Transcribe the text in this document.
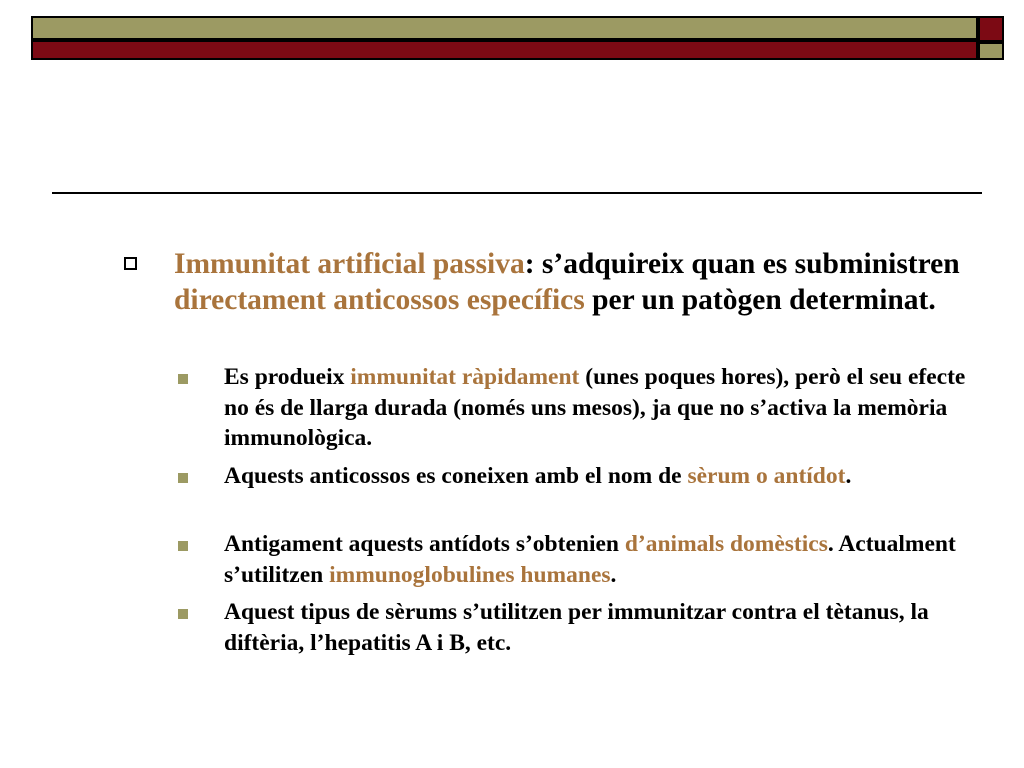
Immunitat artificial passiva: s’adquireix quan es subministren directament anticossos específics per un patògen determinat.
Es produeix immunitat ràpidament (unes poques hores), però el seu efecte no és de llarga durada (només uns mesos), ja que no s’activa la memòria immunològica.
Aquests anticossos es coneixen amb el nom de sèrum o antídot.
Antigament aquests antídots s’obtenien d’animals domèstics. Actualment s’utilitzen immunoglobulines humanes.
Aquest tipus de sèrums s’utilitzen per immunitzar contra el tètanus, la diftèria, l’hepatitis A i B, etc.
